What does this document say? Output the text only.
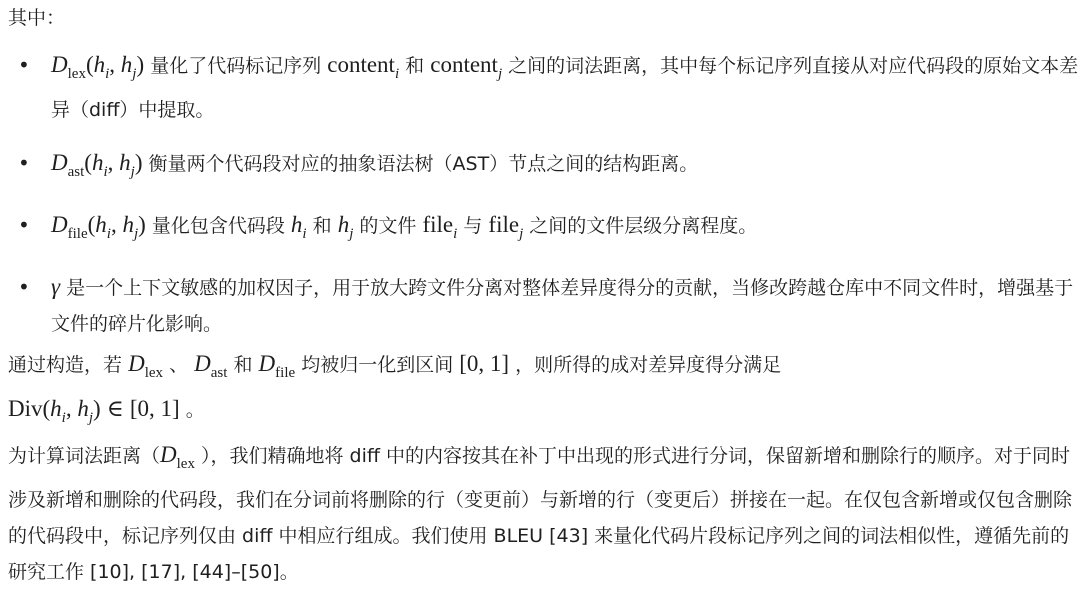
其中：
• $D_{lex}(h_i$, $h_j$) 量化了代码标记序列 content$_i$ 和 content$_j$ 之间的词法距离，其中每个标记序列直接从对应代码段的原始文本差异（diff）中提取。
• $D_{ast}(h_i$, $h_j$) 衡量两个代码段对应的抽象语法树（AST）节点之间的结构距离。
• $D_{file}(h_i$, $h_j$) 量化包含代码段 $h_i$ 和 $h_j$ 的文件 file$_i$ 与 file$_j$ 之间的文件层级分离程度。
• γ 是一个上下文敏感的加权因子，用于放大跨文件分离对整体差异度得分的贡献，当修改跨越仓库中不同文件时，增强基于文件的碎片化影响。
通过构造，若 $D_{lex}$ 、 $D_{ast}$ 和 $D_{file}$ 均被归一化到区间 [0, 1] ，则所得的成对差异度得分满足
$Div(h_i$, $h_j$) ∈ [0, 1] 。
为计算词法距离（$D_{lex}$ ），我们精确地将 diff 中的内容按其在补丁中出现的形式进行分词，保留新增和删除行的顺序。对于同时涉及新增和删除的代码段，我们在分词前将删除的行（变更前）与新增的行（变更后）拼接在一起。在仅包含新增或仅包含删除的代码段中，标记序列仅由 diff 中相应行组成。我们使用 BLEU [43] 来量化代码片段标记序列之间的词法相似性，遵循先前的研究工作 [10], [17], [44]–[50]。
